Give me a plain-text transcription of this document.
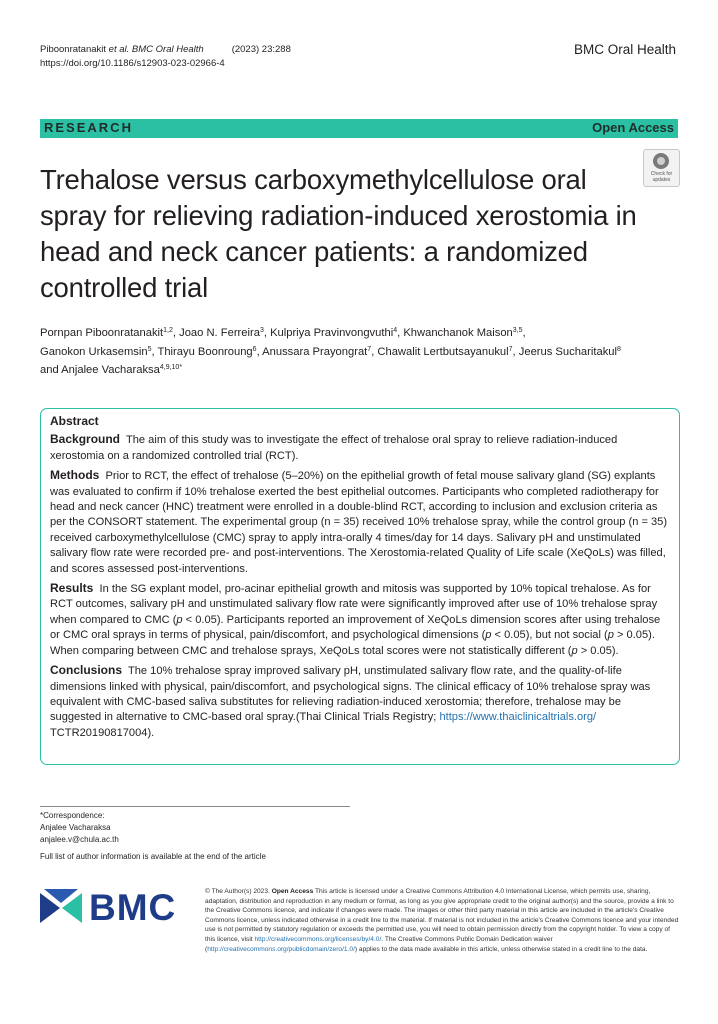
Piboonratanakit et al. BMC Oral Health	(2023) 23:288
https://doi.org/10.1186/s12903-023-02966-4
BMC Oral Health
RESEARCH	Open Access
Trehalose versus carboxymethylcellulose oral spray for relieving radiation-induced xerostomia in head and neck cancer patients: a randomized controlled trial
Check for updates
Pornpan Piboonratanakit$^{1,2}$, Joao N. Ferreira$^3$, Kulpriya Pravinvongvuthi$^4$, Khwanchanok Maison$^{3,5}$,
Ganokon Urkasemsin$^5$, Thirayu Boonroung$^6$, Anussara Prayongrat$^7$, Chawalit Lertbutsayanukul$^7$, Jeerus Sucharitakul$^8$
and Anjalee Vacharaksa$^{4,9,10*}$
Abstract

Background The aim of this study was to investigate the effect of trehalose oral spray to relieve radiation-induced xerostomia on a randomized controlled trial (RCT).

Methods Prior to RCT, the effect of trehalose (5–20%) on the epithelial growth of fetal mouse salivary gland (SG) explants was evaluated to confirm if 10% trehalose exerted the best epithelial outcomes. Participants who completed radiotherapy for head and neck cancer (HNC) treatment were enrolled in a double-blind RCT, according to inclusion and exclusion criteria as per the CONSORT statement. The experimental group (n = 35) received 10% trehalose spray, while the control group (n = 35) received carboxymethylcellulose (CMC) spray to apply intra-orally 4 times/day for 14 days. Salivary pH and unstimulated salivary flow rate were recorded pre- and post-interventions. The Xerostomia-related Quality of Life scale (XeQoLs) was filled, and scores assessed post-interventions.

Results In the SG explant model, pro-acinar epithelial growth and mitosis was supported by 10% topical trehalose. As for RCT outcomes, salivary pH and unstimulated salivary flow rate were significantly improved after use of 10% trehalose spray when compared to CMC (p < 0.05). Participants reported an improvement of XeQoLs dimension scores after using trehalose or CMC oral sprays in terms of physical, pain/discomfort, and psychological dimensions (p < 0.05), but not social (p > 0.05). When comparing between CMC and trehalose sprays, XeQoLs total scores were not statistically different (p > 0.05).

Conclusions The 10% trehalose spray improved salivary pH, unstimulated salivary flow rate, and the quality-of-life dimensions linked with physical, pain/discomfort, and psychological signs. The clinical efficacy of 10% trehalose spray was equivalent with CMC-based saliva substitutes for relieving radiation-induced xerostomia; therefore, trehalose may be suggested in alternative to CMC-based oral spray.(Thai Clinical Trials Registry; https://www.thaiclinicaltrials.org/
TCTR20190817004).

*Correspondence:
Anjalee Vacharaksa
anjalee.v@chula.ac.th
Full list of author information is available at the end of the article
BMC	© The Author(s) 2023. Open Access This article is licensed under a Creative Commons Attribution 4.0 International License, which permits use, sharing, adaptation, distribution and reproduction in any medium or format, as long as you give appropriate credit to the original author(s) and the source, provide a link to the Creative Commons licence, and indicate if changes were made. The images or other third party material in this article are included in the article's Creative Commons licence, unless indicated otherwise in a credit line to the material. If material is not included in the article's Creative Commons licence and your intended use is not permitted by statutory regulation or exceeds the permitted use, you will need to obtain permission directly from the copyright holder. To view a copy of this licence, visit http://creativecommons.org/licenses/by/4.0/. The Creative Commons Public Domain Dedication waiver (http://creativecommons.org/publicdomain/zero/1.0/) applies to the data made available in this article, unless otherwise stated in a credit line to the data.
